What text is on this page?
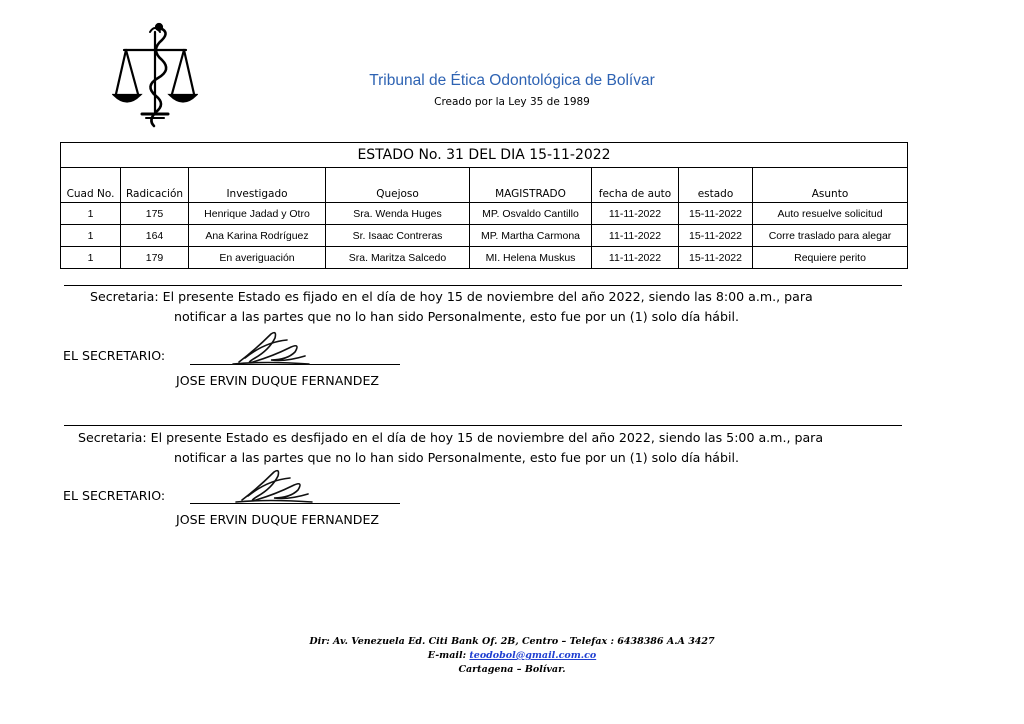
Tribunal de Ética Odontológica de Bolívar
Creado por la Ley 35 de 1989
ESTADO No. 31 DEL DIA 15-11-2022							
Cuad No.	Radicación	Investigado	Quejoso	MAGISTRADO	fecha de auto	estado	Asunto
1	175	Henrique Jadad y Otro	Sra. Wenda Huges	MP. Osvaldo Cantillo	11-11-2022	15-11-2022	Auto resuelve solicitud
1	164	Ana Karina Rodríguez	Sr. Isaac Contreras	MP. Martha Carmona	11-11-2022	15-11-2022	Corre traslado para alegar
1	179	En averiguación	Sra. Maritza Salcedo	MI. Helena Muskus	11-11-2022	15-11-2022	Requiere perito
Secretaria: El presente Estado es fijado en el día de hoy 15 de noviembre del año 2022, siendo las 8:00 a.m., para
notificar a las partes que no lo han sido Personalmente, esto fue por un (1) solo día hábil.
EL SECRETARIO:
JOSE ERVIN DUQUE FERNANDEZ
Secretaria: El presente Estado es desfijado en el día de hoy 15 de noviembre del año 2022, siendo las 5:00 a.m., para
notificar a las partes que no lo han sido Personalmente, esto fue por un (1) solo día hábil.
EL SECRETARIO:
JOSE ERVIN DUQUE FERNANDEZ
Dir: Av. Venezuela Ed. Citi Bank Of. 2B, Centro – Telefax : 6438386 A.A 3427
E-mail: teodobol@gmail.com.co
Cartagena – Bolívar.
